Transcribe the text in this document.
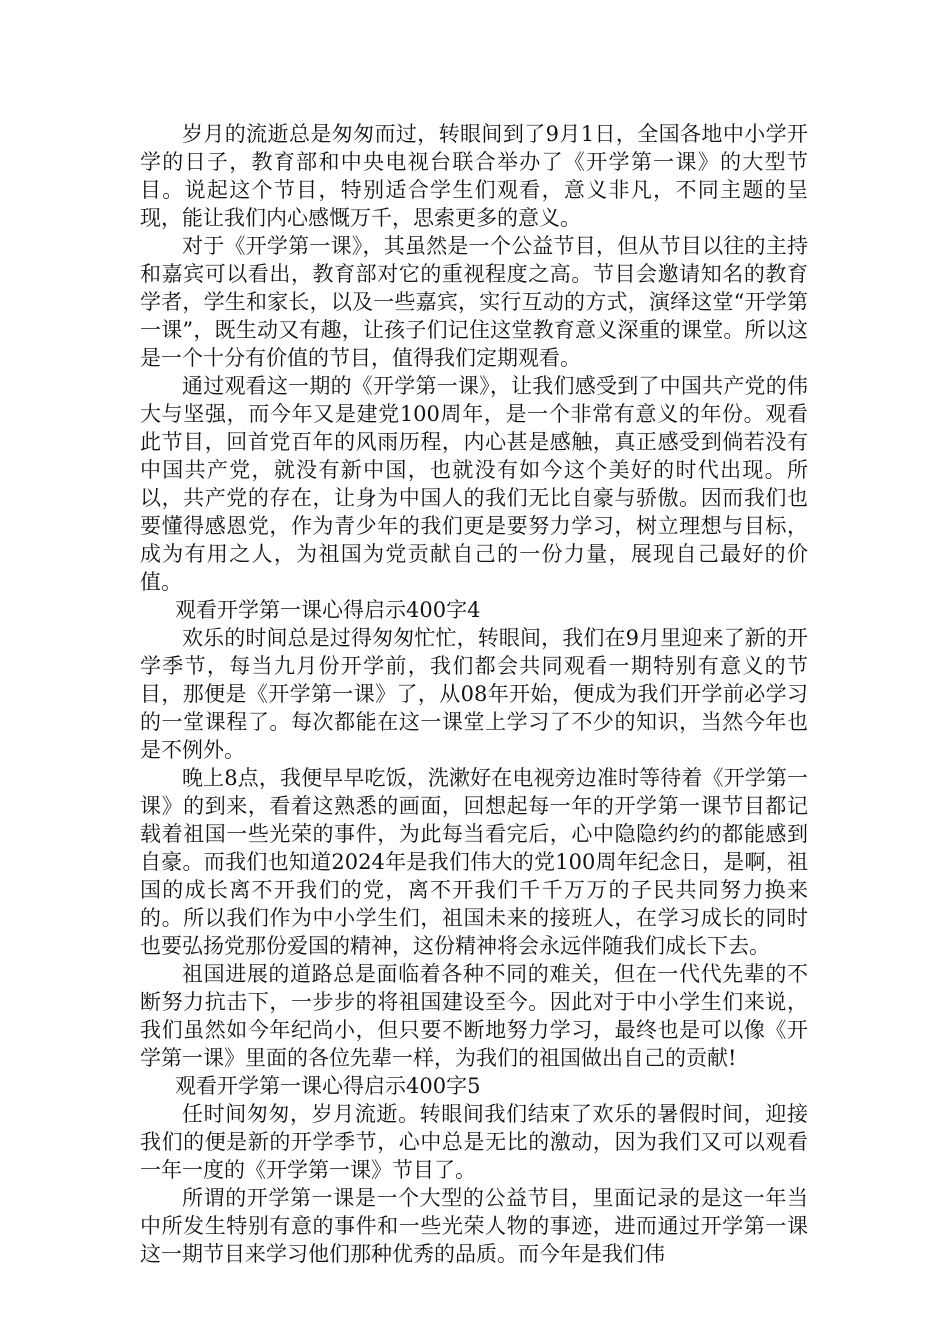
岁月的流逝总是匆匆而过，转眼间到了9月1日，全国各地中小学开学的日子，教育部和中央电视台联合举办了《开学第一课》的大型节目。说起这个节目，特别适合学生们观看，意义非凡，不同主题的呈现，能让我们内心感慨万千，思索更多的意义。

对于《开学第一课》，其虽然是一个公益节目，但从节目以往的主持和嘉宾可以看出，教育部对它的重视程度之高。节目会邀请知名的教育学者，学生和家长，以及一些嘉宾，实行互动的方式，演绎这堂“开学第一课”，既生动又有趣，让孩子们记住这堂教育意义深重的课堂。所以这是一个十分有价值的节目，值得我们定期观看。

通过观看这一期的《开学第一课》，让我们感受到了中国共产党的伟大与坚强，而今年又是建党100周年，是一个非常有意义的年份。观看此节目，回首党百年的风雨历程，内心甚是感触，真正感受到倘若没有中国共产党，就没有新中国，也就没有如今这个美好的时代出现。所以，共产党的存在，让身为中国人的我们无比自豪与骄傲。因而我们也要懂得感恩党，作为青少年的我们更是要努力学习，树立理想与目标，成为有用之人，为祖国为党贡献自己的一份力量，展现自己最好的价值。

观看开学第一课心得启示400字4

欢乐的时间总是过得匆匆忙忙，转眼间，我们在9月里迎来了新的开学季节，每当九月份开学前，我们都会共同观看一期特别有意义的节目，那便是《开学第一课》了，从08年开始，便成为我们开学前必学习的一堂课程了。每次都能在这一课堂上学习了不少的知识，当然今年也是不例外。

晚上8点，我便早早吃饭，洗漱好在电视旁边准时等待着《开学第一课》的到来，看着这熟悉的画面，回想起每一年的开学第一课节目都记载着祖国一些光荣的事件，为此每当看完后，心中隐隐约约的都能感到自豪。而我们也知道2024年是我们伟大的党100周年纪念日，是啊，祖国的成长离不开我们的党，离不开我们千千万万的子民共同努力换来的。所以我们作为中小学生们，祖国未来的接班人，在学习成长的同时也要弘扬党那份爱国的精神，这份精神将会永远伴随我们成长下去。

祖国进展的道路总是面临着各种不同的难关，但在一代代先辈的不断努力抗击下，一步步的将祖国建设至今。因此对于中小学生们来说，我们虽然如今年纪尚小，但只要不断地努力学习，最终也是可以像《开学第一课》里面的各位先辈一样，为我们的祖国做出自己的贡献!

观看开学第一课心得启示400字5

任时间匆匆，岁月流逝。转眼间我们结束了欢乐的暑假时间，迎接我们的便是新的开学季节，心中总是无比的激动，因为我们又可以观看一年一度的《开学第一课》节目了。

所谓的开学第一课是一个大型的公益节目，里面记录的是这一年当中所发生特别有意的事件和一些光荣人物的事迹，进而通过开学第一课这一期节目来学习他们那种优秀的品质。而今年是我们伟
